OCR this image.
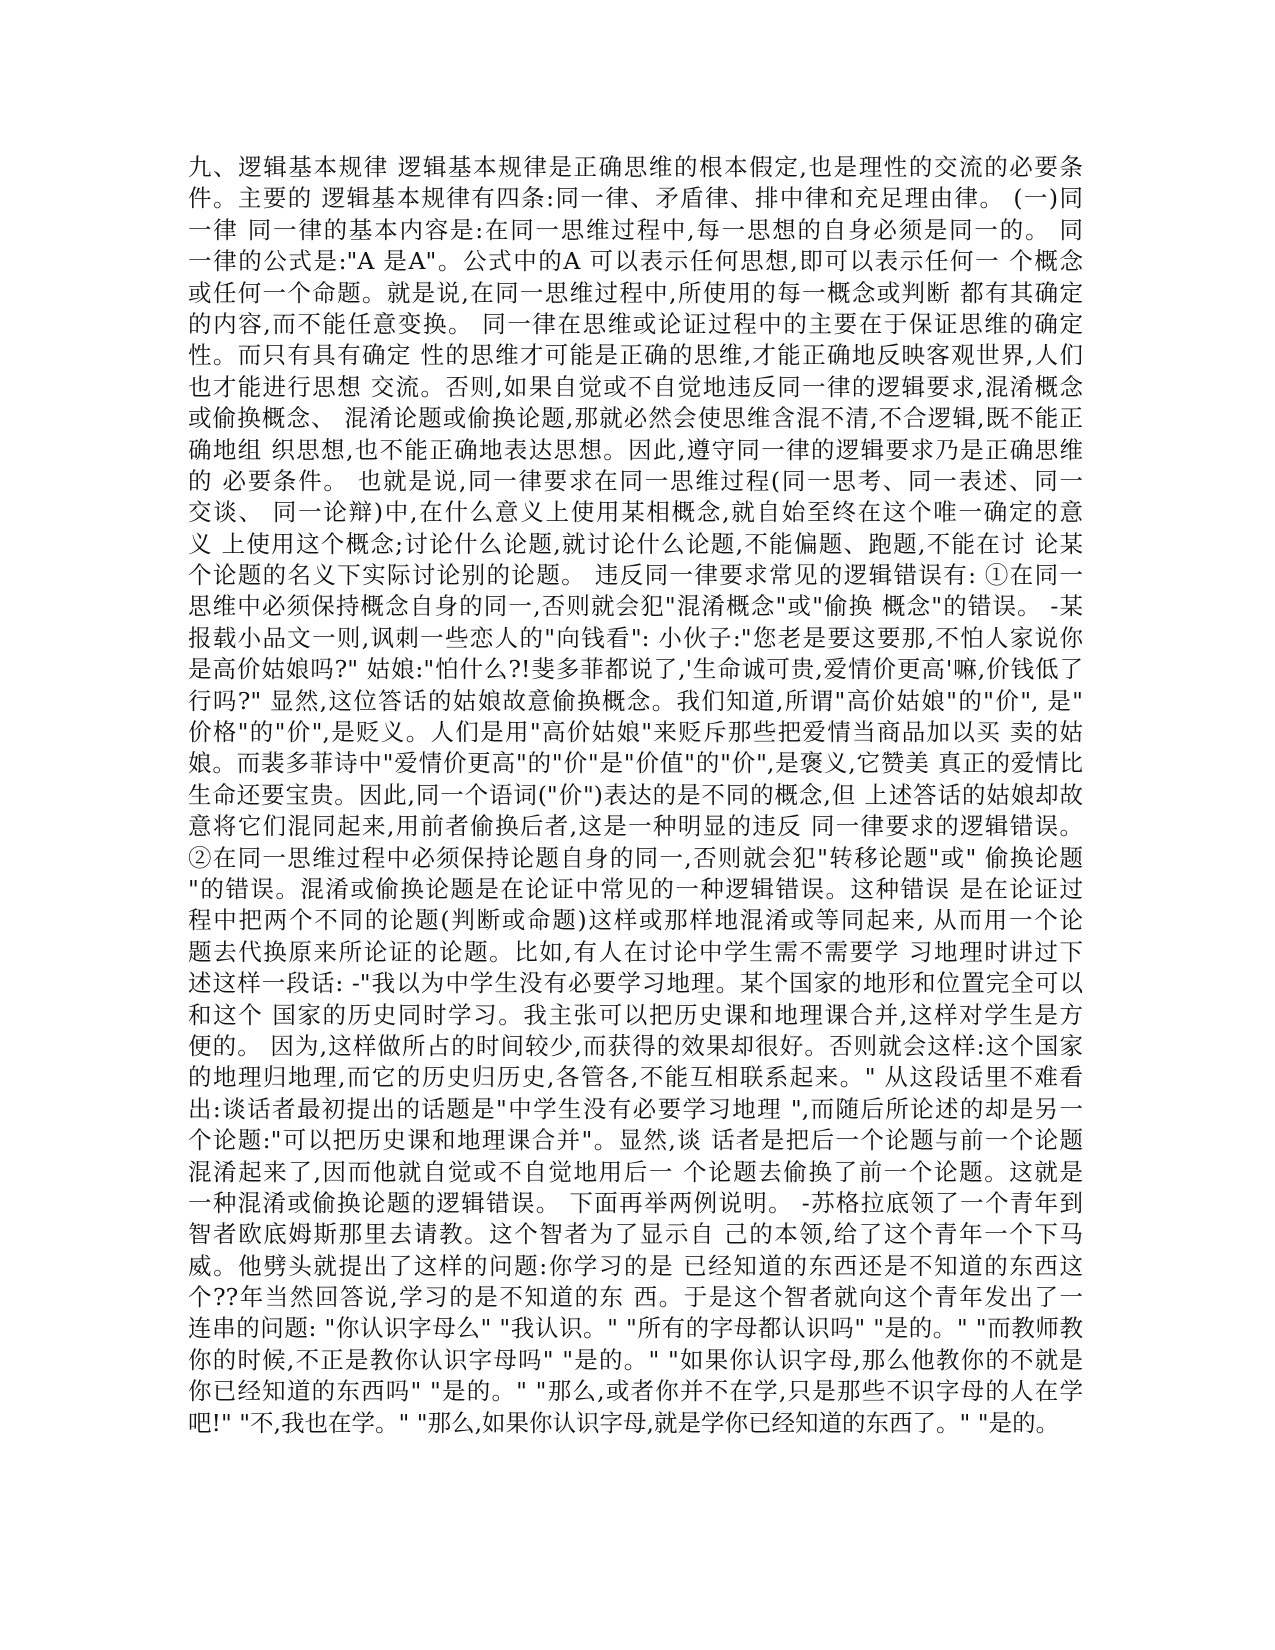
九、逻辑基本规律 逻辑基本规律是正确思维的根本假定,也是理性的交流的必要条
件。主要的 逻辑基本规律有四条:同一律、矛盾律、排中律和充足理由律。 (一)同
一律 同一律的基本内容是:在同一思维过程中,每一思想的自身必须是同一的。 同
一律的公式是:"A 是A"。公式中的A 可以表示任何思想,即可以表示任何一 个概念
或任何一个命题。就是说,在同一思维过程中,所使用的每一概念或判断 都有其确定
的内容,而不能任意变换。 同一律在思维或论证过程中的主要在于保证思维的确定
性。而只有具有确定 性的思维才可能是正确的思维,才能正确地反映客观世界,人们
也才能进行思想 交流。否则,如果自觉或不自觉地违反同一律的逻辑要求,混淆概念
或偷换概念、 混淆论题或偷换论题,那就必然会使思维含混不清,不合逻辑,既不能正
确地组 织思想,也不能正确地表达思想。因此,遵守同一律的逻辑要求乃是正确思维
的 必要条件。 也就是说,同一律要求在同一思维过程(同一思考、同一表述、同一
交谈、 同一论辩)中,在什么意义上使用某相概念,就自始至终在这个唯一确定的意
义 上使用这个概念;讨论什么论题,就讨论什么论题,不能偏题、跑题,不能在讨 论某
个论题的名义下实际讨论别的论题。 违反同一律要求常见的逻辑错误有: ①在同一
思维中必须保持概念自身的同一,否则就会犯"混淆概念"或"偷换 概念"的错误。 -某
报载小品文一则,讽刺一些恋人的"向钱看": 小伙子:"您老是要这要那,不怕人家说你
是高价姑娘吗?" 姑娘:"怕什么?!斐多菲都说了,'生命诚可贵,爱情价更高'嘛,价钱低了
行吗?" 显然,这位答话的姑娘故意偷换概念。我们知道,所谓"高价姑娘"的"价", 是"
价格"的"价",是贬义。人们是用"高价姑娘"来贬斥那些把爱情当商品加以买 卖的姑
娘。而裴多菲诗中"爱情价更高"的"价"是"价值"的"价",是褒义,它赞美 真正的爱情比
生命还要宝贵。因此,同一个语词("价")表达的是不同的概念,但 上述答话的姑娘却故
意将它们混同起来,用前者偷换后者,这是一种明显的违反 同一律要求的逻辑错误。
②在同一思维过程中必须保持论题自身的同一,否则就会犯"转移论题"或" 偷换论题
"的错误。混淆或偷换论题是在论证中常见的一种逻辑错误。这种错误 是在论证过
程中把两个不同的论题(判断或命题)这样或那样地混淆或等同起来, 从而用一个论
题去代换原来所论证的论题。比如,有人在讨论中学生需不需要学 习地理时讲过下
述这样一段话: -"我以为中学生没有必要学习地理。某个国家的地形和位置完全可以
和这个 国家的历史同时学习。我主张可以把历史课和地理课合并,这样对学生是方
便的。 因为,这样做所占的时间较少,而获得的效果却很好。否则就会这样:这个国家
的地理归地理,而它的历史归历史,各管各,不能互相联系起来。" 从这段话里不难看
出:谈话者最初提出的话题是"中学生没有必要学习地理 ",而随后所论述的却是另一
个论题:"可以把历史课和地理课合并"。显然,谈 话者是把后一个论题与前一个论题
混淆起来了,因而他就自觉或不自觉地用后一 个论题去偷换了前一个论题。这就是
一种混淆或偷换论题的逻辑错误。 下面再举两例说明。 -苏格拉底领了一个青年到
智者欧底姆斯那里去请教。这个智者为了显示自 己的本领,给了这个青年一个下马
威。他劈头就提出了这样的问题:你学习的是 已经知道的东西还是不知道的东西这
个??年当然回答说,学习的是不知道的东 西。于是这个智者就向这个青年发出了一
连串的问题: "你认识字母么" "我认识。" "所有的字母都认识吗" "是的。" "而教师教
你的时候,不正是教你认识字母吗" "是的。" "如果你认识字母,那么他教你的不就是
你已经知道的东西吗" "是的。" "那么,或者你并不在学,只是那些不识字母的人在学
吧!" "不,我也在学。" "那么,如果你认识字母,就是学你已经知道的东西了。" "是的。
